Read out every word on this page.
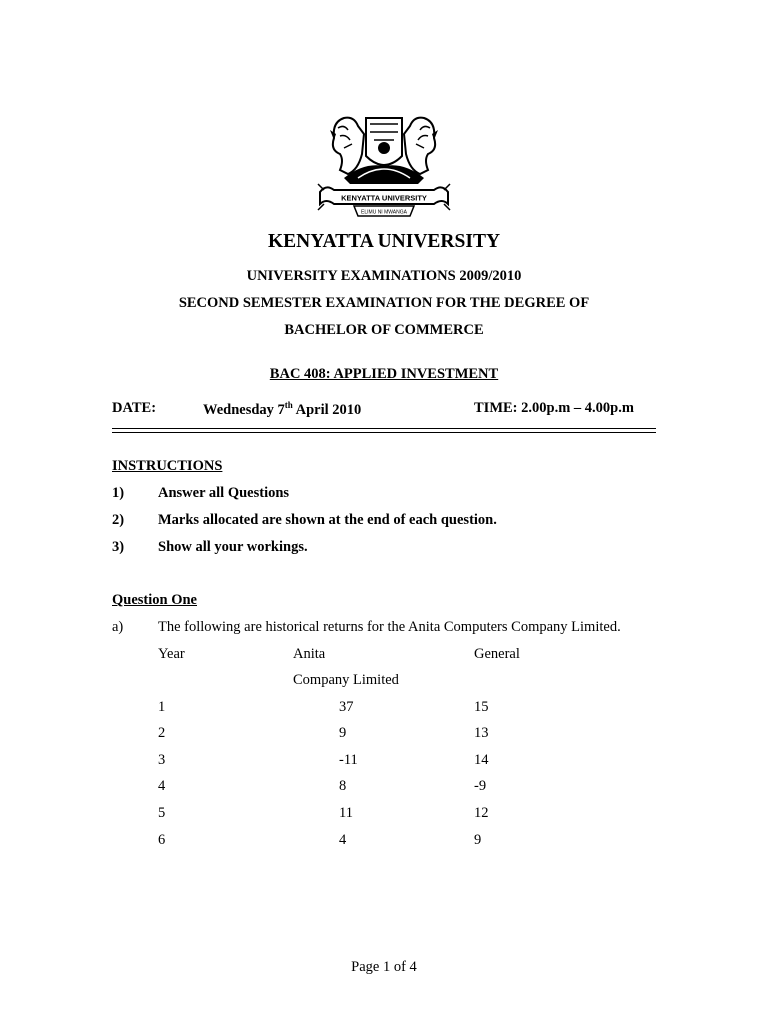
KENYATTA UNIVERSITY
ELIMU NI MWANGA
KENYATTA UNIVERSITY
UNIVERSITY EXAMINATIONS 2009/2010
SECOND SEMESTER EXAMINATION FOR THE DEGREE OF
BACHELOR OF COMMERCE
BAC 408: APPLIED INVESTMENT
DATE:	Wednesday 7th April 2010	TIME: 2.00p.m – 4.00p.m
INSTRUCTIONS
1) Answer all Questions
2) Marks allocated are shown at the end of each question.
3) Show all your workings.
Question One
a) The following are historical returns for the Anita Computers Company Limited.
Year	Anita	General
Company Limited
1	37	15
2	9	13
3	-11	14
4	8	-9
5	11	12
6	4	9
Page 1 of 4
